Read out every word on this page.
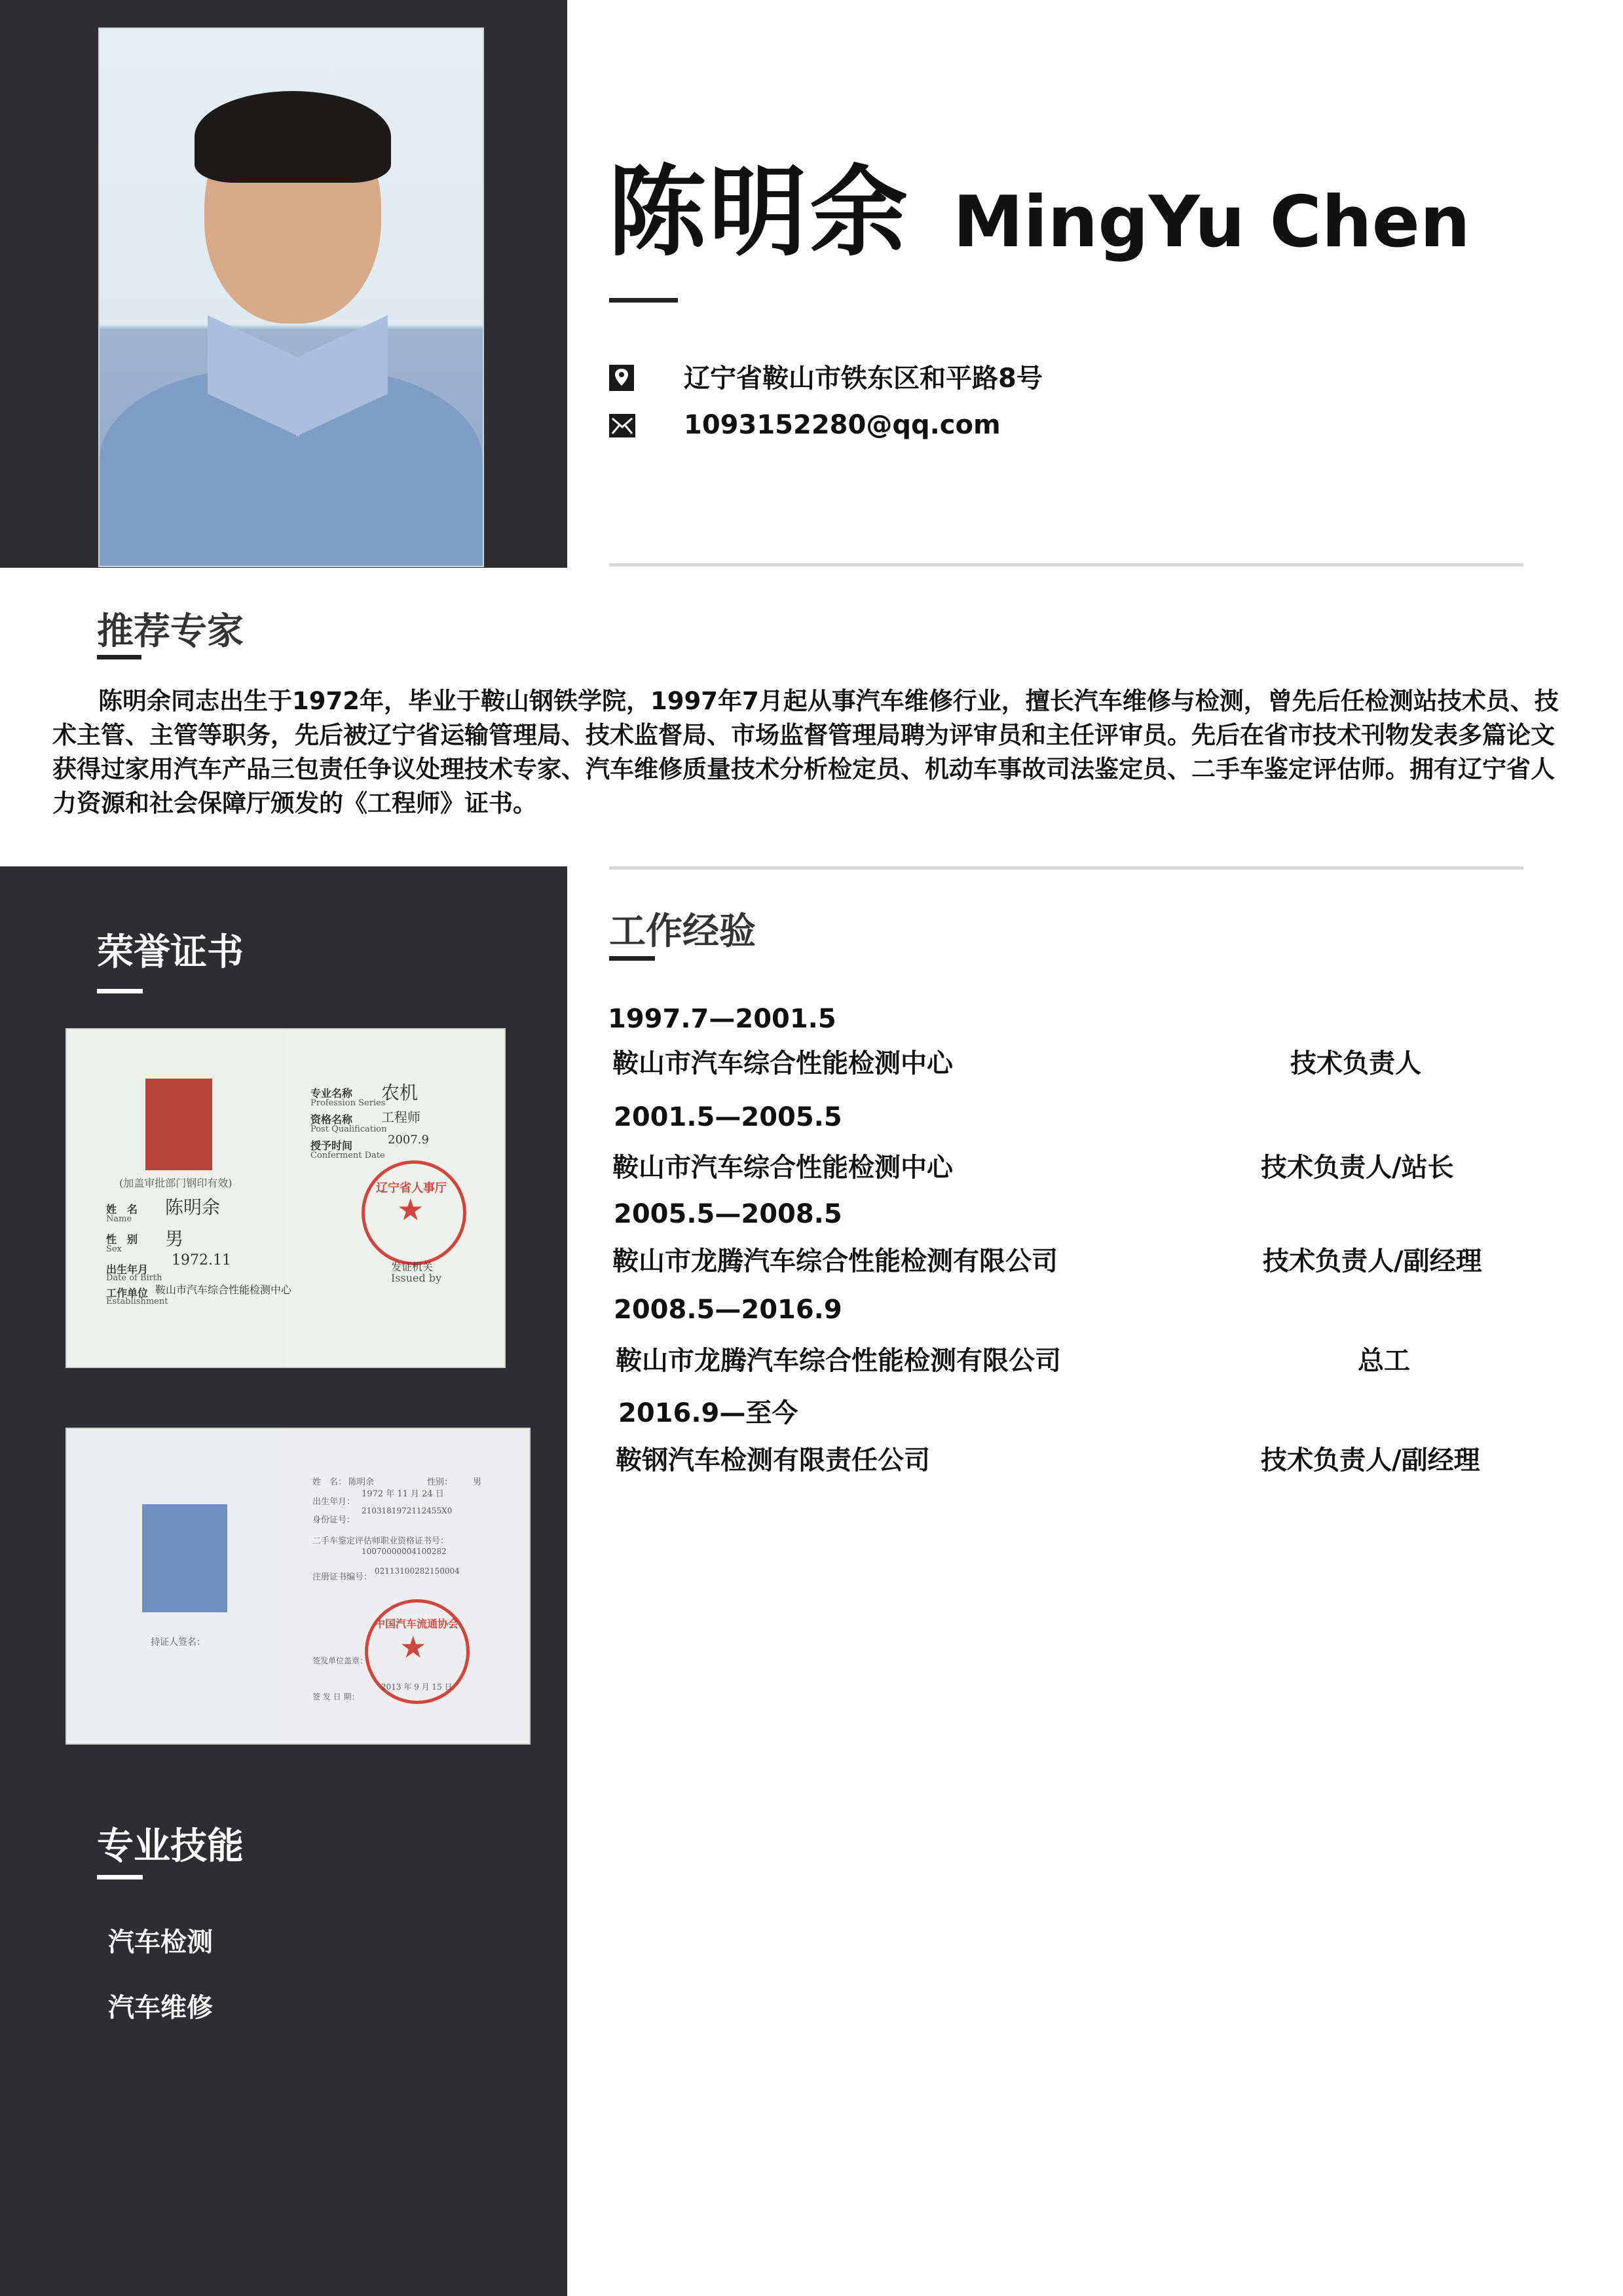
陈明余 MingYu Chen
辽宁省鞍山市铁东区和平路8号
1093152280@qq.com
推荐专家
陈明余同志出生于1972年，毕业于鞍山钢铁学院，1997年7月起从事汽车维修行业，擅长汽车维修与检测，曾先后任检测站技术员、技
术主管、主管等职务，先后被辽宁省运输管理局、技术监督局、市场监督管理局聘为评审员和主任评审员。先后在省市技术刊物发表多篇论文
获得过家用汽车产品三包责任争议处理技术专家、汽车维修质量技术分析检定员、机动车事故司法鉴定员、二手车鉴定评估师。拥有辽宁省人
力资源和社会保障厅颁发的《工程师》证书。
荣誉证书
(加盖审批部门钢印有效)
姓　名
Name
陈明余
性　别
Sex 男
出生年月
Date of Birth
1972.11
工作单位
Establishment
鞍山市汽车综合性能检测中心
专业名称
Profession Series
农机
资格名称
Post Qualification
工程师
授予时间
Conferment Date
2007.9
辽宁省人事厅
★
发证机关
Issued by
持证人签名：
姓　名： 陈明余	性别： 男
出生年月：
1972 年 11 月 24 日
身份证号：
2103181972112455X0
二手车鉴定评估师职业资格证书号：
10070000004100282
注册证书编号：
02113100282150004
中国汽车流通协会
★
签发单位盖章：
签 发 日 期：
2013 年 9 月 15 日
专业技能
汽车检测
汽车维修
工作经验
1997.7—2001.5
鞍山市汽车综合性能检测中心	技术负责人
2001.5—2005.5
鞍山市汽车综合性能检测中心	技术负责人/站长
2005.5—2008.5
鞍山市龙腾汽车综合性能检测有限公司	技术负责人/副经理
2008.5—2016.9
鞍山市龙腾汽车综合性能检测有限公司	总工
2016.9—至今
鞍钢汽车检测有限责任公司	技术负责人/副经理
